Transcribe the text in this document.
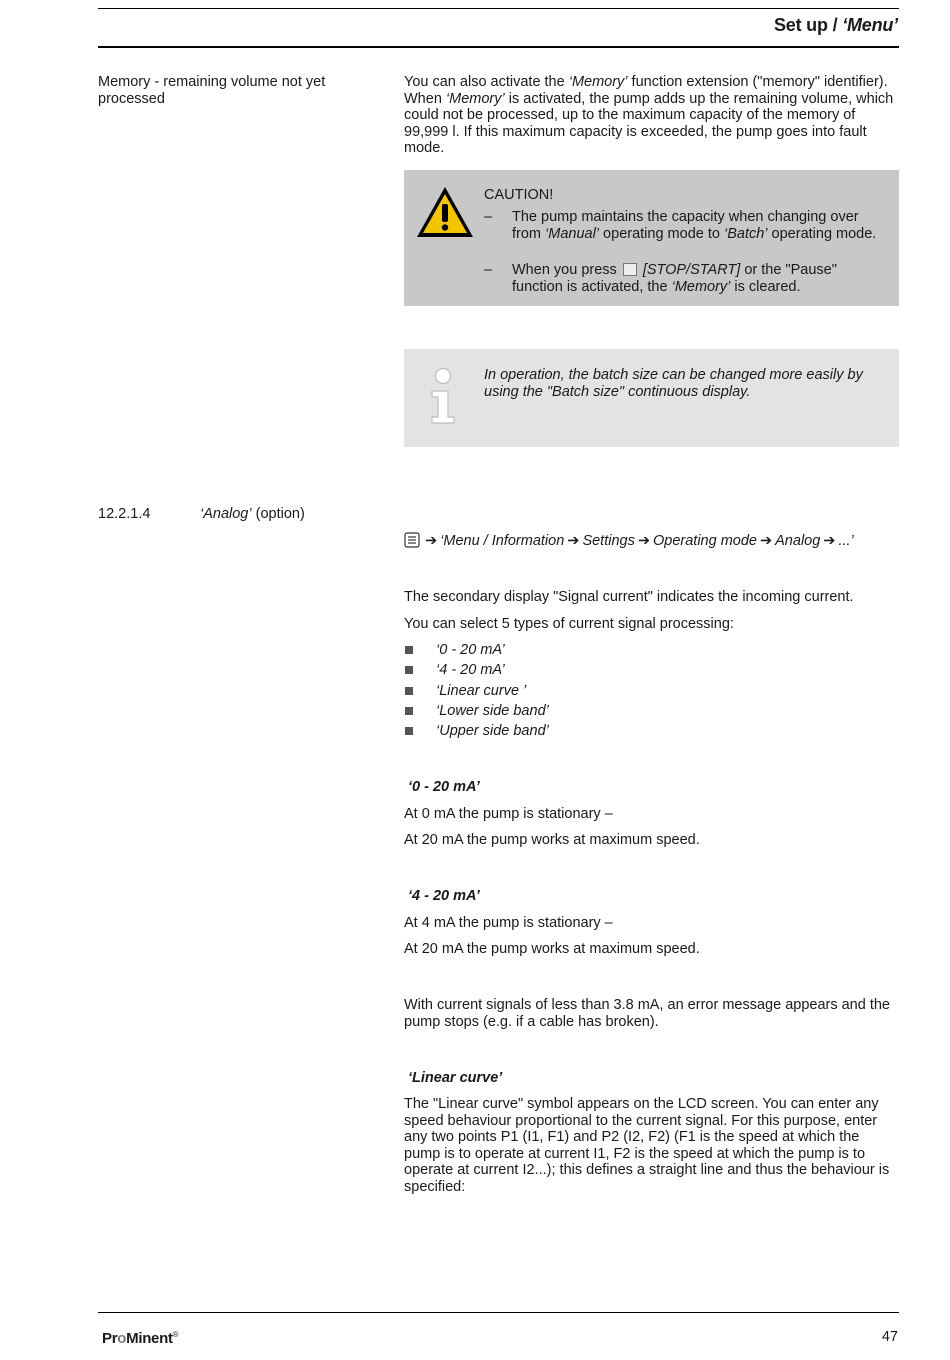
Set up / ‘Menu’
Memory - remaining volume not yet processed
You can also activate the ‘Memory’ function extension ("memory" identifier). When ‘Memory’ is activated, the pump adds up the remaining volume, which could not be processed, up to the maximum capacity of the memory of 99,999 l. If this maximum capacity is exceeded, the pump goes into fault mode.
CAUTION!
– The pump maintains the capacity when changing over from ‘Manual’ operating mode to ‘Batch’ operating mode.
– When you press [STOP/START] or the "Pause" function is activated, the ‘Memory’ is cleared.
In operation, the batch size can be changed more easily by using the "Batch size" continuous display.
12.2.1.4	‘Analog’ (option)
➔ ‘Menu / Information ➔ Settings ➔ Operating mode ➔ Analog ➔ ...’
The secondary display "Signal current" indicates the incoming current.
You can select 5 types of current signal processing:
‘0 - 20 mA’
‘4 - 20 mA’
‘Linear curve ’
‘Lower side band’
‘Upper side band’
‘0 - 20 mA’
At 0 mA the pump is stationary –
At 20 mA the pump works at maximum speed.
‘4 - 20 mA’
At 4 mA the pump is stationary –
At 20 mA the pump works at maximum speed.
With current signals of less than 3.8 mA, an error message appears and the pump stops (e.g. if a cable has broken).
‘Linear curve’
The "Linear curve" symbol appears on the LCD screen. You can enter any speed behaviour proportional to the current signal. For this purpose, enter any two points P1 (I1, F1) and P2 (I2, F2) (F1 is the speed at which the pump is to operate at current I1, F2 is the speed at which the pump is to operate at current I2...); this defines a straight line and thus the behaviour is specified:
ProMinent®	47
